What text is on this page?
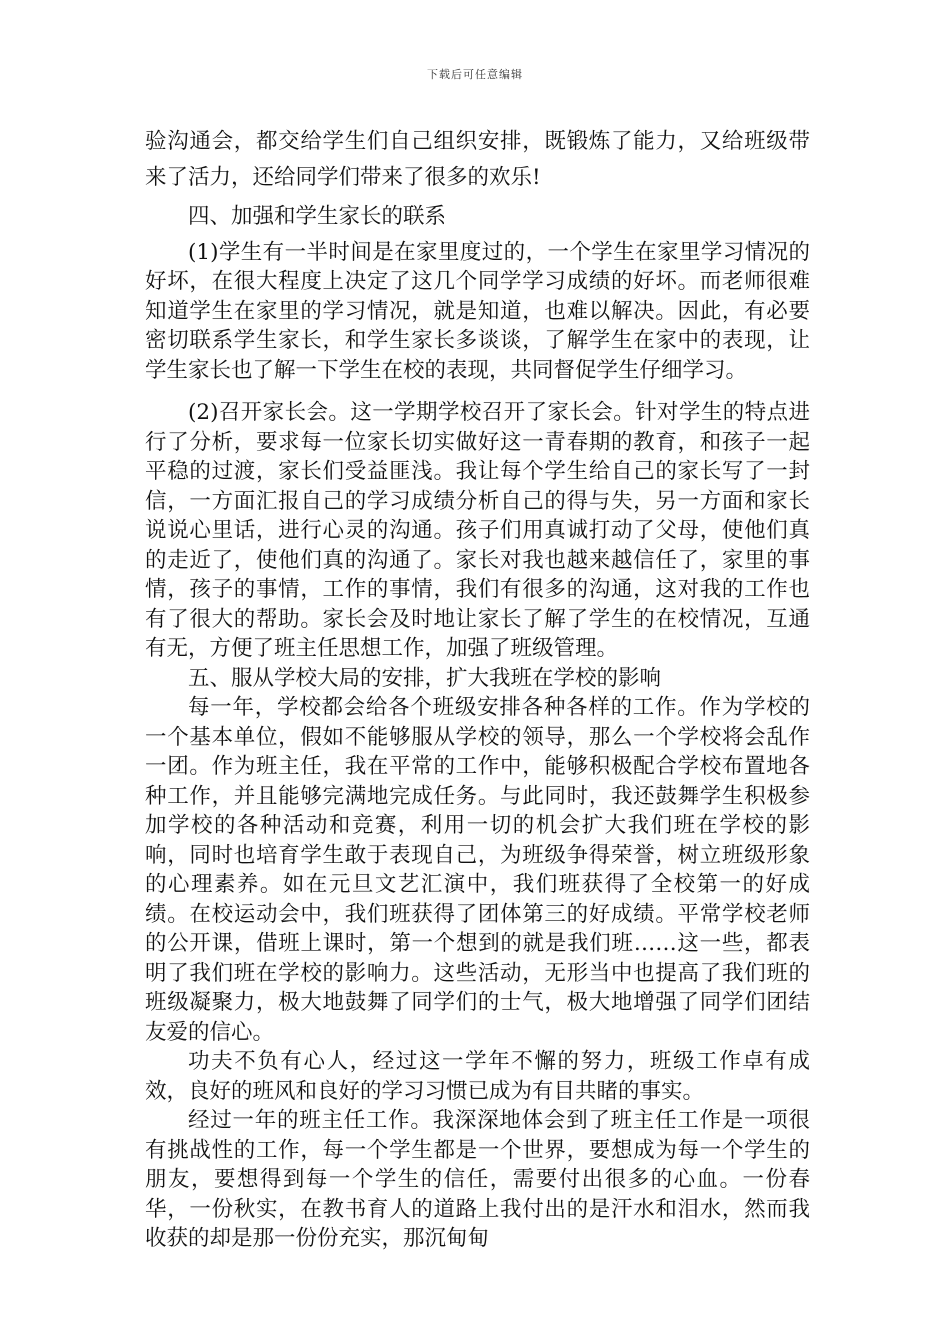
下载后可任意编辑

验沟通会，都交给学生们自己组织安排，既锻炼了能力，又给班级带来了活力，还给同学们带来了很多的欢乐!

四、加强和学生家长的联系

(1)学生有一半时间是在家里度过的，一个学生在家里学习情况的好坏，在很大程度上决定了这几个同学学习成绩的好坏。而老师很难知道学生在家里的学习情况，就是知道，也难以解决。因此，有必要密切联系学生家长，和学生家长多谈谈，了解学生在家中的表现，让学生家长也了解一下学生在校的表现，共同督促学生仔细学习。

(2)召开家长会。这一学期学校召开了家长会。针对学生的特点进行了分析，要求每一位家长切实做好这一青春期的教育，和孩子一起平稳的过渡，家长们受益匪浅。我让每个学生给自己的家长写了一封信，一方面汇报自己的学习成绩分析自己的得与失，另一方面和家长说说心里话，进行心灵的沟通。孩子们用真诚打动了父母，使他们真的走近了，使他们真的沟通了。家长对我也越来越信任了，家里的事情，孩子的事情，工作的事情，我们有很多的沟通，这对我的工作也有了很大的帮助。家长会及时地让家长了解了学生的在校情况，互通有无，方便了班主任思想工作，加强了班级管理。

五、服从学校大局的安排，扩大我班在学校的影响

每一年，学校都会给各个班级安排各种各样的工作。作为学校的一个基本单位，假如不能够服从学校的领导，那么一个学校将会乱作一团。作为班主任，我在平常的工作中，能够积极配合学校布置地各种工作，并且能够完满地完成任务。与此同时，我还鼓舞学生积极参加学校的各种活动和竞赛，利用一切的机会扩大我们班在学校的影响，同时也培育学生敢于表现自己，为班级争得荣誉，树立班级形象的心理素养。如在元旦文艺汇演中，我们班获得了全校第一的好成绩。在校运动会中，我们班获得了团体第三的好成绩。平常学校老师的公开课，借班上课时，第一个想到的就是我们班……这一些，都表明了我们班在学校的影响力。这些活动，无形当中也提高了我们班的班级凝聚力，极大地鼓舞了同学们的士气，极大地增强了同学们团结友爱的信心。

功夫不负有心人，经过这一学年不懈的努力，班级工作卓有成效，良好的班风和良好的学习习惯已成为有目共睹的事实。

经过一年的班主任工作。我深深地体会到了班主任工作是一项很有挑战性的工作，每一个学生都是一个世界，要想成为每一个学生的朋友，要想得到每一个学生的信任，需要付出很多的心血。一份春华，一份秋实，在教书育人的道路上我付出的是汗水和泪水，然而我收获的却是那一份份充实，那沉甸甸
